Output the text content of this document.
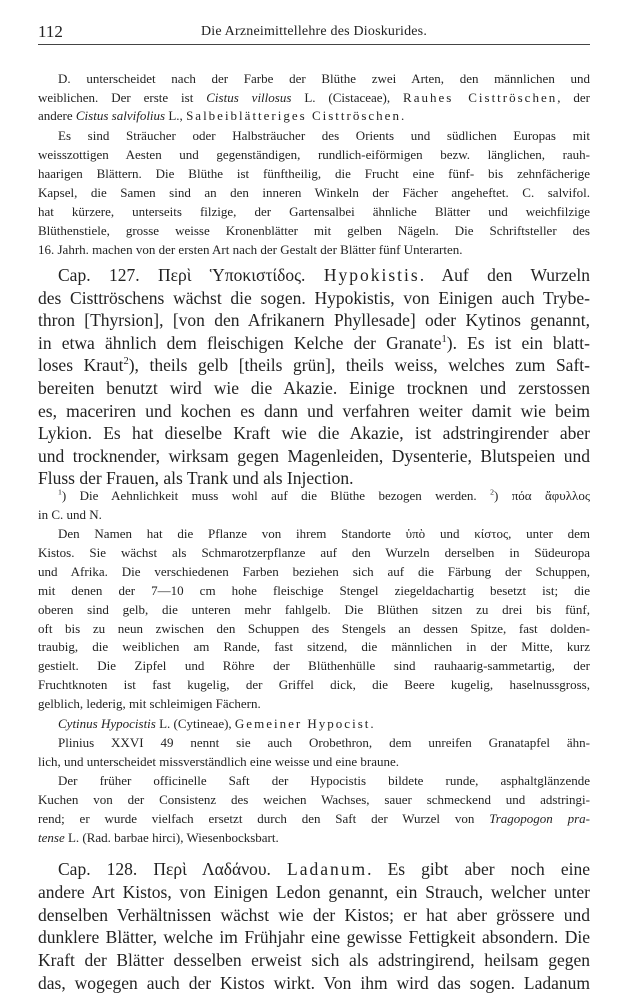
112	Die Arzneimittellehre des Dioskurides.
D. unterscheidet nach der Farbe der Blüthe zwei Arten, den männlichen und
weiblichen. Der erste ist Cistus villosus L. (Cistaceae), Rauhes Cisttröschen, der
andere Cistus salvifolius L., Salbeiblätteriges Cisttröschen.
Es sind Sträucher oder Halbsträucher des Orients und südlichen Europas mit
weisszottigen Aesten und gegenständigen, rundlich-eiförmigen bezw. länglichen, rauh-
haarigen Blättern. Die Blüthe ist fünftheilig, die Frucht eine fünf- bis zehnfächerige
Kapsel, die Samen sind an den inneren Winkeln der Fächer angeheftet. C. salvifol.
hat kürzere, unterseits filzige, der Gartensalbei ähnliche Blätter und weichfilzige
Blüthenstiele, grosse weisse Kronenblätter mit gelben Nägeln. Die Schriftsteller des
16. Jahrh. machen von der ersten Art nach der Gestalt der Blätter fünf Unterarten.
Cap. 127. Περὶ Ὑποκιστίδος. Hypokistis. Auf den Wurzeln
des Cisttröschens wächst die sogen. Hypokistis, von Einigen auch Trybe-
thron [Thyrsion], [von den Afrikanern Phyllesade] oder Kytinos genannt,
in etwa ähnlich dem fleischigen Kelche der Granate$^1$). Es ist ein blatt-
loses Kraut$^2$), theils gelb [theils grün], theils weiss, welches zum Saft-
bereiten benutzt wird wie die Akazie. Einige trocknen und zerstossen
es, maceriren und kochen es dann und verfahren weiter damit wie beim
Lykion. Es hat dieselbe Kraft wie die Akazie, ist adstringirender aber
und trocknender, wirksam gegen Magenleiden, Dysenterie, Blutspeien und
Fluss der Frauen, als Trank und als Injection.
$^1$) Die Aehnlichkeit muss wohl auf die Blüthe bezogen werden. $^2$) πόα ἄφυλλος
in C. und N.
Den Namen hat die Pflanze von ihrem Standorte ὑπὸ und κίστος, unter dem
Kistos. Sie wächst als Schmarotzerpflanze auf den Wurzeln derselben in Südeuropa
und Afrika. Die verschiedenen Farben beziehen sich auf die Färbung der Schuppen,
mit denen der 7—10 cm hohe fleischige Stengel ziegeldachartig besetzt ist; die
oberen sind gelb, die unteren mehr fahlgelb. Die Blüthen sitzen zu drei bis fünf,
oft bis zu neun zwischen den Schuppen des Stengels an dessen Spitze, fast dolden-
traubig, die weiblichen am Rande, fast sitzend, die männlichen in der Mitte, kurz
gestielt. Die Zipfel und Röhre der Blüthenhülle sind rauhaarig-sammetartig, der
Fruchtknoten ist fast kugelig, der Griffel dick, die Beere kugelig, haselnussgross,
gelblich, lederig, mit schleimigen Fächern.
Cytinus Hypocistis L. (Cytineae), Gemeiner Hypocist.
Plinius XXVI 49 nennt sie auch Orobethron, dem unreifen Granatapfel ähn-
lich, und unterscheidet missverständlich eine weisse und eine braune.
Der früher officinelle Saft der Hypocistis bildete runde, asphaltglänzende
Kuchen von der Consistenz des weichen Wachses, sauer schmeckend und adstringi-
rend; er wurde vielfach ersetzt durch den Saft der Wurzel von Tragopogon pra-
tense L. (Rad. barbae hirci), Wiesenbocksbart.
Cap. 128. Περὶ Λαδάνου. Ladanum. Es gibt aber noch eine
andere Art Kistos, von Einigen Ledon genannt, ein Strauch, welcher unter
denselben Verhältnissen wächst wie der Kistos; er hat aber grössere und
dunklere Blätter, welche im Frühjahr eine gewisse Fettigkeit absondern. Die
Kraft der Blätter desselben erweist sich als adstringirend, heilsam gegen
das, wogegen auch der Kistos wirkt. Von ihm wird das sogen. Ladanum
